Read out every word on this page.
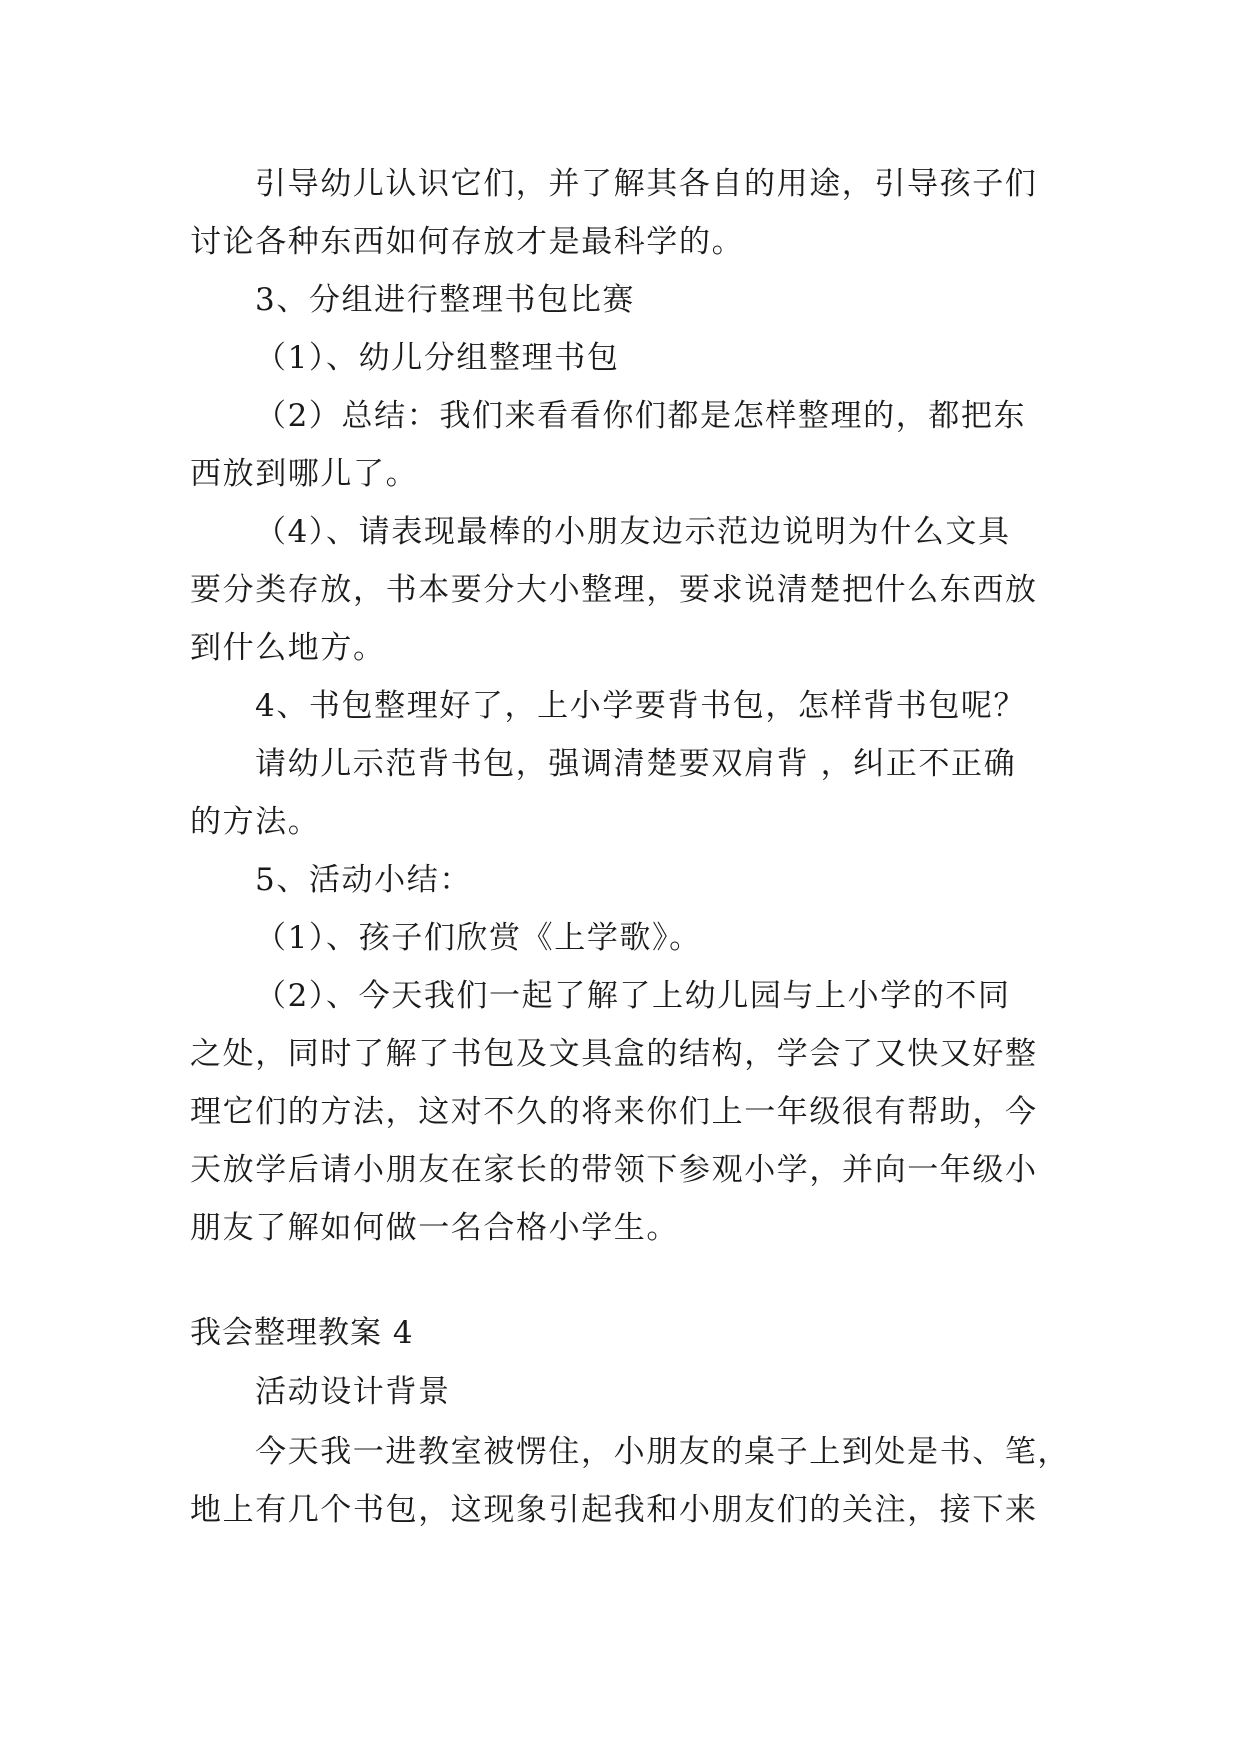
引导幼儿认识它们，并了解其各自的用途，引导孩子们
讨论各种东西如何存放才是最科学的。
3、分组进行整理书包比赛
（1）、幼儿分组整理书包
（2）总结：我们来看看你们都是怎样整理的，都把东
西放到哪儿了。
（4）、请表现最棒的小朋友边示范边说明为什么文具
要分类存放，书本要分大小整理，要求说清楚把什么东西放
到什么地方。
4、书包整理好了，上小学要背书包，怎样背书包呢？
请幼儿示范背书包，强调清楚要双肩背 ，纠正不正确
的方法。
5、活动小结：
（1）、孩子们欣赏《上学歌》。
（2）、今天我们一起了解了上幼儿园与上小学的不同
之处，同时了解了书包及文具盒的结构，学会了又快又好整
理它们的方法，这对不久的将来你们上一年级很有帮助，今
天放学后请小朋友在家长的带领下参观小学，并向一年级小
朋友了解如何做一名合格小学生。
我会整理教案 4
活动设计背景
今天我一进教室被愣住，小朋友的桌子上到处是书、笔，
地上有几个书包，这现象引起我和小朋友们的关注，接下来
